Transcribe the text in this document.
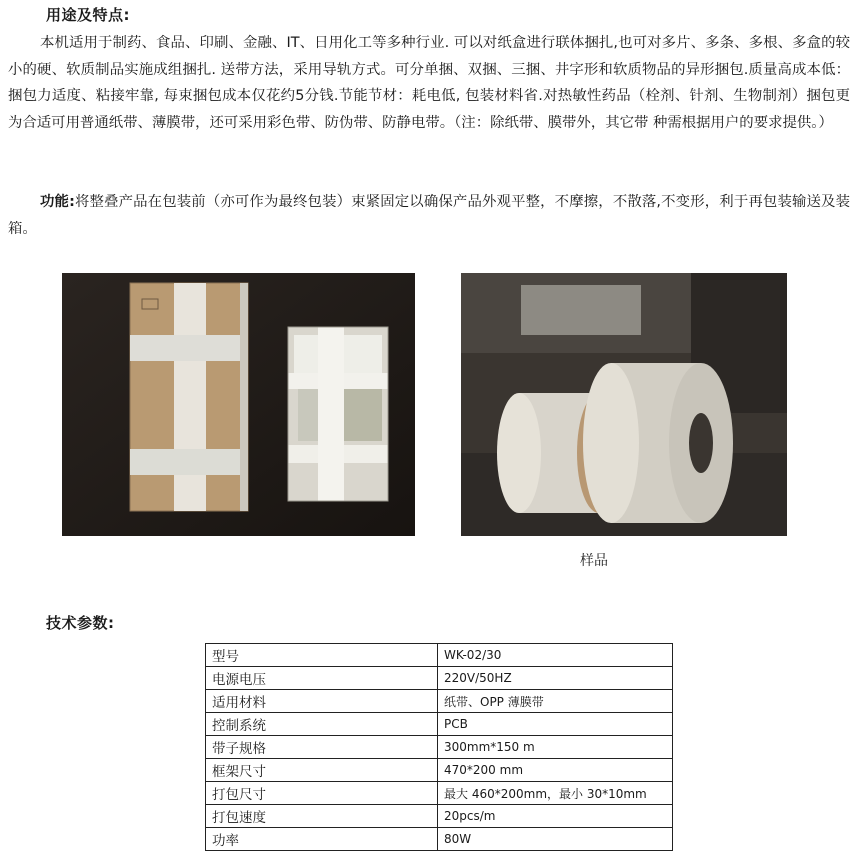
用途及特点:

本机适用于制药、食品、印刷、金融、IT、日用化工等多种行业. 可以对纸盒进行联体捆扎,也可对多片、多条、多根、多盒的较小的硬、软质制品实施成组捆扎. 送带方法，采用导轨方式。可分单捆、双捆、三捆、井字形和软质物品的异形捆包.质量高成本低：捆包力适度、粘接牢靠, 每束捆包成本仅花约5分钱.节能节材：耗电低, 包装材料省.对热敏性药品（栓剂、针剂、生物制剂）捆包更为合适可用普通纸带、薄膜带，还可采用彩色带、防伪带、防静电带。（注：除纸带、膜带外，其它带 种需根据用户的要求提供。）

功能:将整叠产品在包装前（亦可作为最终包装）束紧固定以确保产品外观平整，不摩擦，不散落,不变形，利于再包装输送及装箱。

样品
技术参数:
型号	WK-02/30
电源电压	220V/50HZ
适用材料	纸带、OPP 薄膜带
控制系统	PCB
带子规格	300mm*150 m
框架尺寸	470*200 mm
打包尺寸	最大 460*200mm，最小 30*10mm
打包速度	20pcs/m
功率	80W
